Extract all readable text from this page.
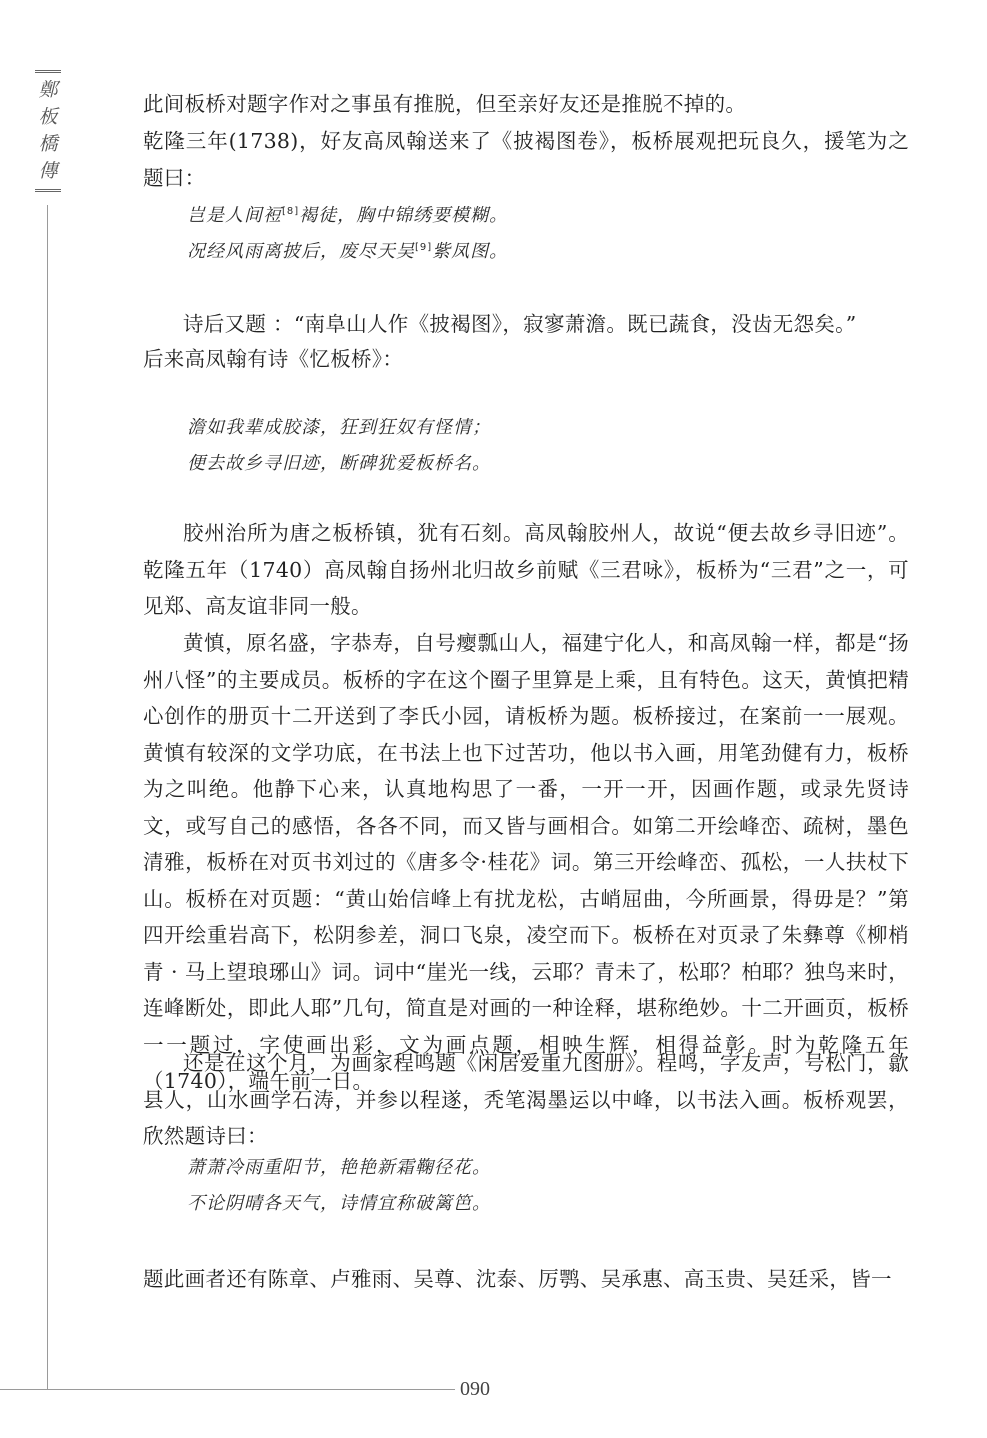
鄭
板
橋
傳

此间板桥对题字作对之事虽有推脱，但至亲好友还是推脱不掉的。

乾隆三年(1738)，好友高凤翰送来了《披褐图卷》，板桥展观把玩良久，援笔为之题曰：

岂是人间裋[8]褐徒，胸中锦绣要模糊。
况经风雨离披后，废尽天吴[9]紫凤图。

诗后又题 ：“南阜山人作《披褐图》，寂寥萧澹。既已蔬食，没齿无怨矣。”

后来高凤翰有诗《忆板桥》：

澹如我辈成胶漆，狂到狂奴有怪情；
便去故乡寻旧迹，断碑犹爱板桥名。

胶州治所为唐之板桥镇，犹有石刻。高凤翰胶州人，故说“便去故乡寻旧迹”。乾隆五年（1740）高凤翰自扬州北归故乡前赋《三君咏》，板桥为“三君”之一，可见郑、高友谊非同一般。

黄慎，原名盛，字恭寿，自号瘿瓢山人，福建宁化人，和高凤翰一样，都是“扬州八怪”的主要成员。板桥的字在这个圈子里算是上乘，且有特色。这天，黄慎把精心创作的册页十二开送到了李氏小园，请板桥为题。板桥接过，在案前一一展观。黄慎有较深的文学功底，在书法上也下过苦功，他以书入画，用笔劲健有力，板桥为之叫绝。他静下心来，认真地构思了一番，一开一开，因画作题，或录先贤诗文，或写自己的感悟，各各不同，而又皆与画相合。如第二开绘峰峦、疏树，墨色清雅，板桥在对页书刘过的《唐多令·桂花》词。第三开绘峰峦、孤松，一人扶杖下山。板桥在对页题：“黄山始信峰上有扰龙松，古峭屈曲，今所画景，得毋是？”第四开绘重岩高下，松阴参差，洞口飞泉，凌空而下。板桥在对页录了朱彝尊《柳梢青 · 马上望琅琊山》词。词中“崖光一线，云耶？青未了，松耶？柏耶？独鸟来时，连峰断处，即此人耶”几句，简直是对画的一种诠释，堪称绝妙。十二开画页，板桥一一题过，字使画出彩，文为画点题，相映生辉，相得益彰。时为乾隆五年（1740），端午前一日。

还是在这个月，为画家程鸣题《闲居爱重九图册》。程鸣，字友声，号松门，歙县人，山水画学石涛，并参以程遂，秃笔渴墨运以中峰，以书法入画。板桥观罢，欣然题诗曰：

萧萧冷雨重阳节，艳艳新霜鞠径花。
不论阴晴各天气，诗情宜称破篱笆。

题此画者还有陈章、卢雅雨、吴尊、沈泰、厉鹗、吴承惠、高玉贵、吴廷采，皆一

090
